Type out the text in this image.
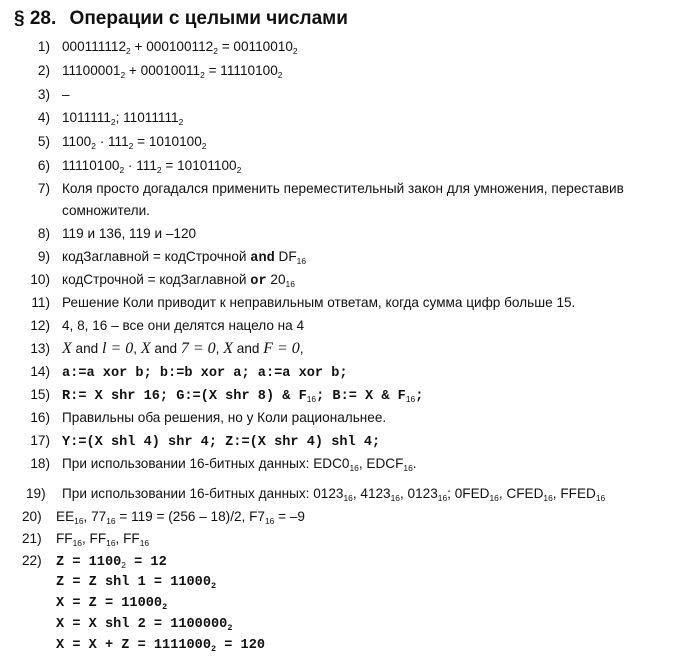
§ 28. Операции с целыми числами
1) $000111112_2 + 000100112_2 = 00110010_2$
2) $11100001_2 + 00010011_2 = 11110100_2$
3) –
4) $1011111_2$; $11011111_2$
5) $1100_2 \cdot 111_2 = 1010100_2$
6) $11110100_2 \cdot 111_2 = 10101100_2$
7) Коля просто догадался применить переместительный закон для умножения, переставив
сомножители.
8) 119 и 136, 119 и –120
9) кодЗаглавной = кодСтрочной and $DF_{16}$
10) кодСтрочной = кодЗаглавной or $20_{16}$
11) Решение Коли приводит к неправильным ответам, когда сумма цифр больше 15.
12) 4, 8, 16 – все они делятся нацело на 4
13) X and l = 0, X and 7 = 0, X and F = 0,
14) a:=a xor b; b:=b xor a; a:=a xor b;
15) R:= X shr 16; G:=(X shr 8) & $F_{16}$; B:= X & $F_{16}$;
16) Правильны оба решения, но у Коли рациональнее.
17) Y:=(X shl 4) shr 4; Z:=(X shr 4) shl 4;
18) При использовании 16-битных данных: $EDC0_{16}$, $EDCF_{16}$.
19) При использовании 16-битных данных: $0123_{16}$, $4123_{16}$, $0123_{16}$; $0FED_{16}$, $CFED_{16}$, $FFED_{16}$
20) $EE_{16}$, $77_{16} = 119 = (256 - 18)/2$, $F7_{16} = -9$
21) $FF_{16}$, $FF_{16}$, $FF_{16}$
22) $Z = 1100_2 = 12$
Z = Z shl $1 = 11000_2$
$X = Z = 11000_2$
X = X shl $2 = 1100000_2$
$X = X + Z = 1111000_2 = 120$
